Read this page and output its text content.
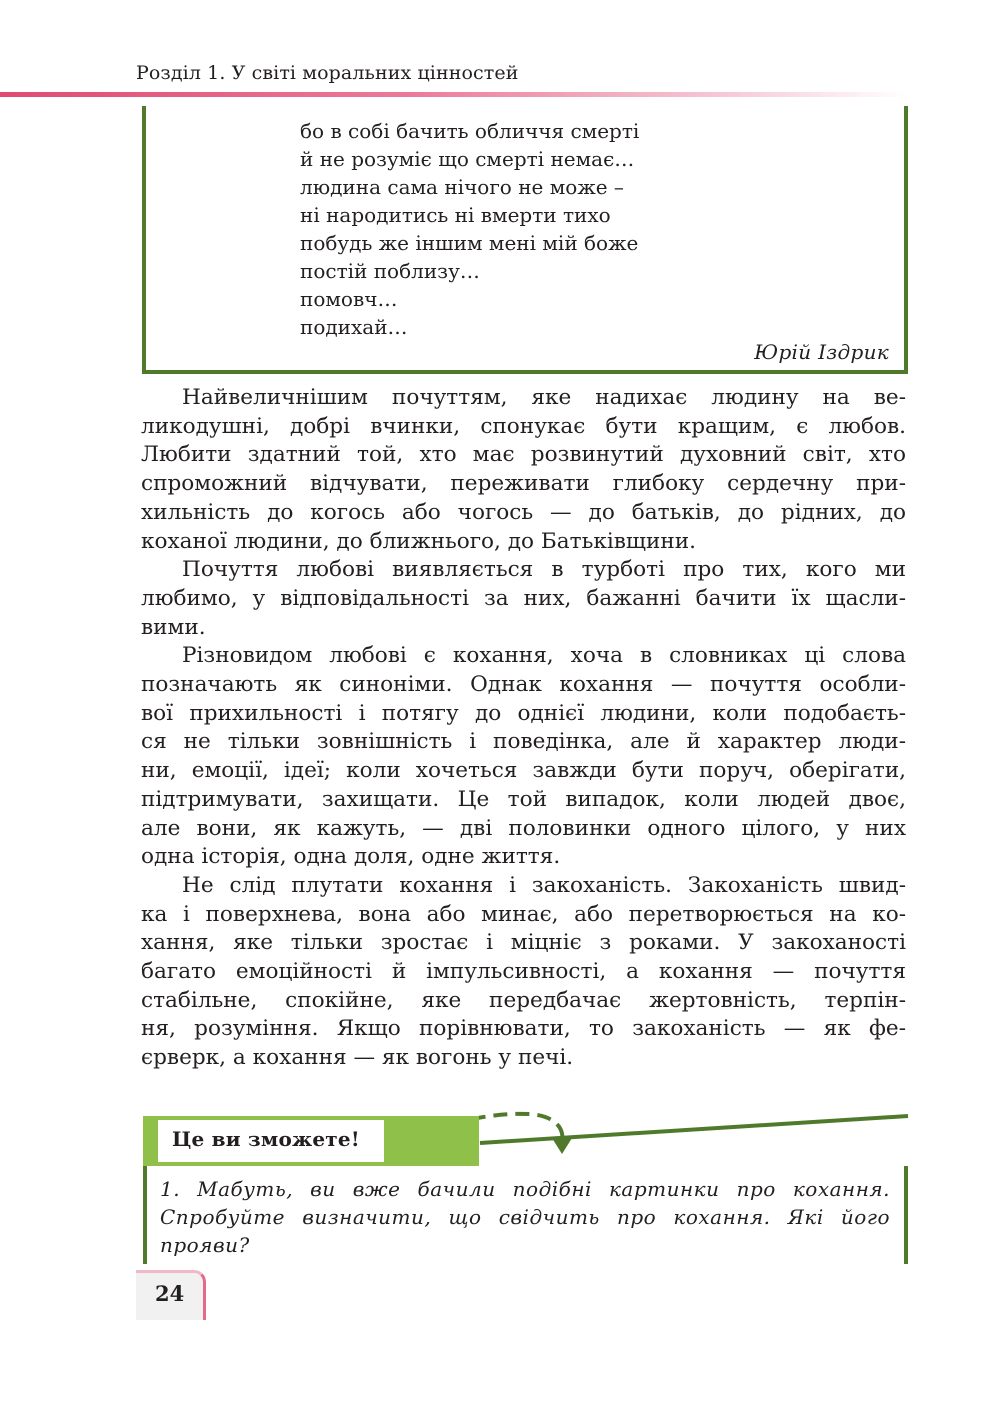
Розділ 1. У світі моральних цінностей
бо в собі бачить обличчя смерті
й не розуміє що смерті немає…
людина сама нічого не може –
ні народитись ні вмерти тихо
побудь же іншим мені мій боже
постій поблизу…
помовч…
подихай…
Юрій Іздрик
Найвеличнішим почуттям, яке надихає людину на ве-
ликодушні, добрі вчинки, спонукає бути кращим, є любов.
Любити здатний той, хто має розвинутий духовний світ, хто
спроможний відчувати, переживати глибоку сердечну при-
хильність до когось або чогось — до батьків, до рідних, до
коханої людини, до ближнього, до Батьківщини.
Почуття любові виявляється в турботі про тих, кого ми
любимо, у відповідальності за них, бажанні бачити їх щасли-
вими.
Різновидом любові є кохання, хоча в словниках ці слова
позначають як синоніми. Однак кохання — почуття особли-
вої прихильності і потягу до однієї людини, коли подобаєть-
ся не тільки зовнішність і поведінка, але й характер люди-
ни, емоції, ідеї; коли хочеться завжди бути поруч, оберігати,
підтримувати, захищати. Це той випадок, коли людей двоє,
але вони, як кажуть, — дві половинки одного цілого, у них
одна історія, одна доля, одне життя.
Не слід плутати кохання і закоханість. Закоханість швид-
ка і поверхнева, вона або минає, або перетворюється на ко-
хання, яке тільки зростає і міцніє з роками. У закоханості
багато емоційності й імпульсивності, а кохання — почуття
стабільне, спокійне, яке передбачає жертовність, терпін-
ня, розуміння. Якщо порівнювати, то закоханість — як фе-
єрверк, а кохання — як вогонь у печі.
Це ви зможете!
1. Мабуть, ви вже бачили подібні картинки про кохання.
Спробуйте визначити, що свідчить про кохання. Які його
прояви?
24
